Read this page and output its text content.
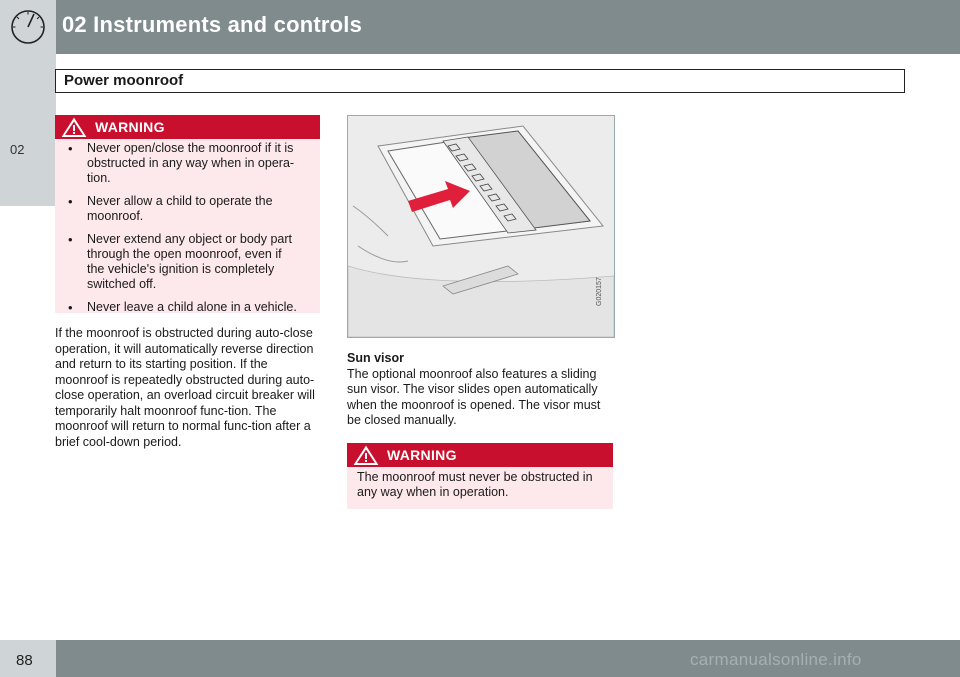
02 Instruments and controls
02
Power moonroof
WARNING
• Never open/close the moonroof if it is obstructed in any way when in opera-tion.
• Never allow a child to operate the moonroof.
• Never extend any object or body part through the open moonroof, even if the vehicle's ignition is completely switched off.
• Never leave a child alone in a vehicle.
If the moonroof is obstructed during auto-close operation, it will automatically reverse direction and return to its starting position. If the moonroof is repeatedly obstructed during auto-close operation, an overload circuit breaker will temporarily halt moonroof func-tion. The moonroof will return to normal func-tion after a brief cool-down period.
G020157
Sun visor
The optional moonroof also features a sliding sun visor. The visor slides open automatically when the moonroof is opened. The visor must be closed manually.
WARNING
The moonroof must never be obstructed in any way when in operation.
88	carmanualsonline.info
